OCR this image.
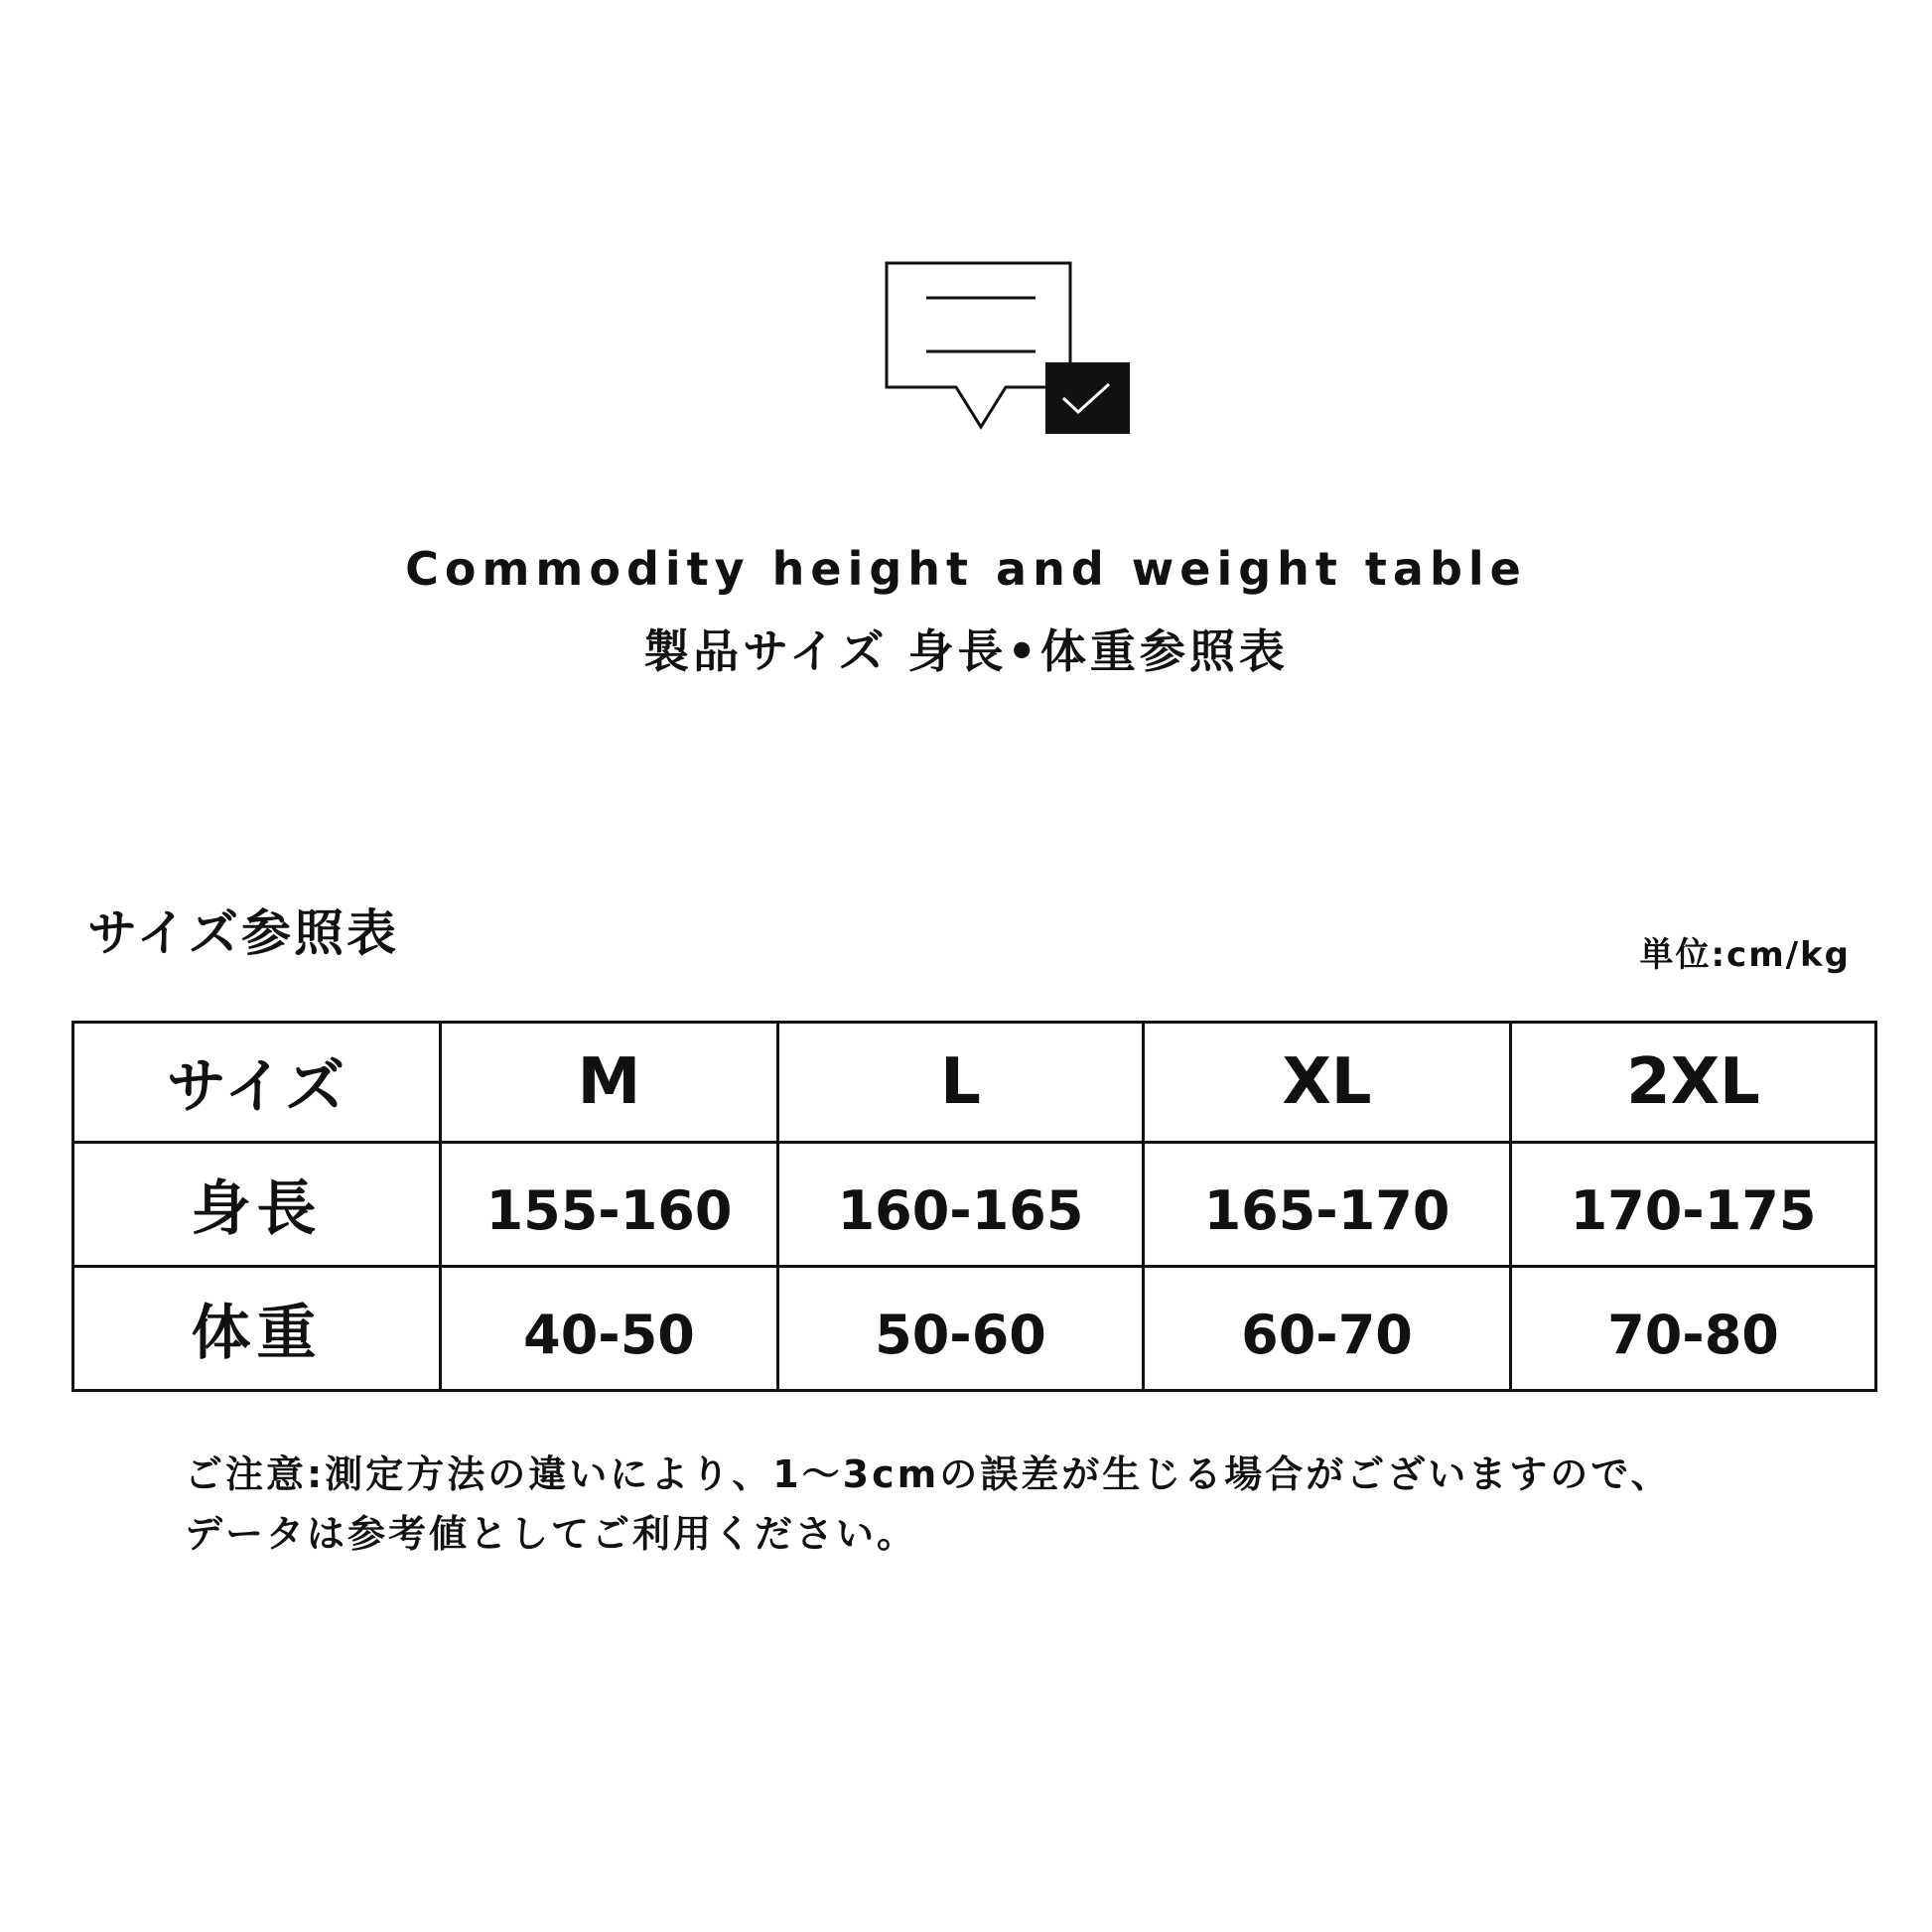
Commodity height and weight table
製品サイズ 身長•体重参照表
サイズ参照表	単位:cm/kg
サイズ	M	L	XL	2XL
身長	155-160	160-165	165-170	170-175
体重	40-50	50-60	60-70	70-80
ご注意:測定方法の違いにより、1～3cmの誤差が生じる場合がございますので、
データは参考値としてご利用ください。
